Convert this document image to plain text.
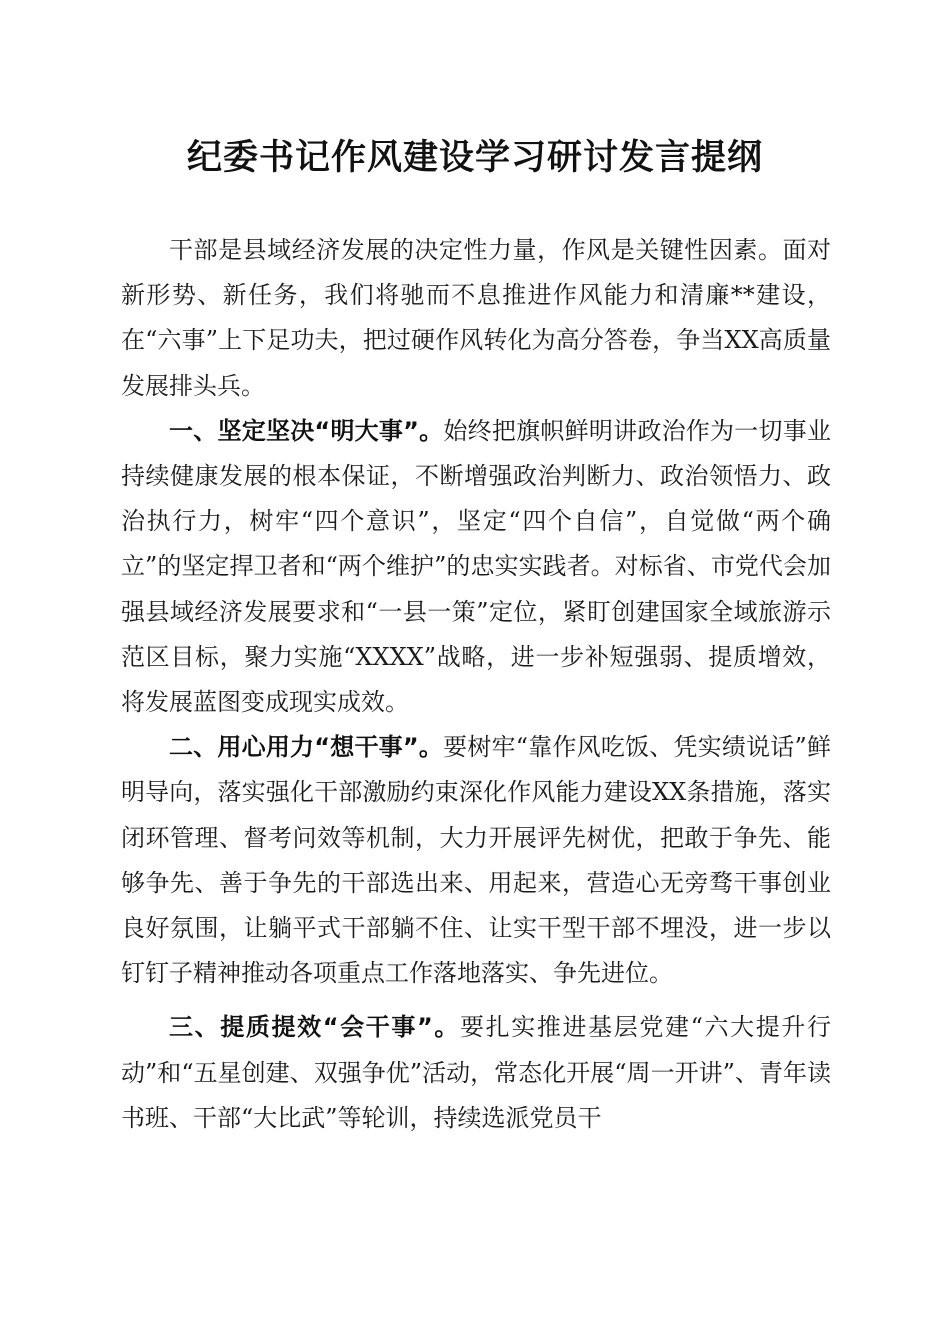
纪委书记作风建设学习研讨发言提纲

干部是县域经济发展的决定性力量，作风是关键性因素。面对新形势、新任务，我们将驰而不息推进作风能力和清廉**建设，在“六事”上下足功夫，把过硬作风转化为高分答卷，争当XX高质量发展排头兵。

一、坚定坚决“明大事”。始终把旗帜鲜明讲政治作为一切事业持续健康发展的根本保证，不断增强政治判断力、政治领悟力、政治执行力，树牢“四个意识”，坚定“四个自信”，自觉做“两个确立”的坚定捍卫者和“两个维护”的忠实实践者。对标省、市党代会加强县域经济发展要求和“一县一策”定位，紧盯创建国家全域旅游示范区目标，聚力实施“XXXX”战略，进一步补短强弱、提质增效，将发展蓝图变成现实成效。

二、用心用力“想干事”。要树牢“靠作风吃饭、凭实绩说话”鲜明导向，落实强化干部激励约束深化作风能力建设XX条措施，落实闭环管理、督考问效等机制，大力开展评先树优，把敢于争先、能够争先、善于争先的干部选出来、用起来，营造心无旁骛干事创业良好氛围，让躺平式干部躺不住、让实干型干部不埋没，进一步以钉钉子精神推动各项重点工作落地落实、争先进位。

三、提质提效“会干事”。要扎实推进基层党建“六大提升行动”和“五星创建、双强争优”活动，常态化开展“周一开讲”、青年读书班、干部“大比武”等轮训，持续选派党员干
